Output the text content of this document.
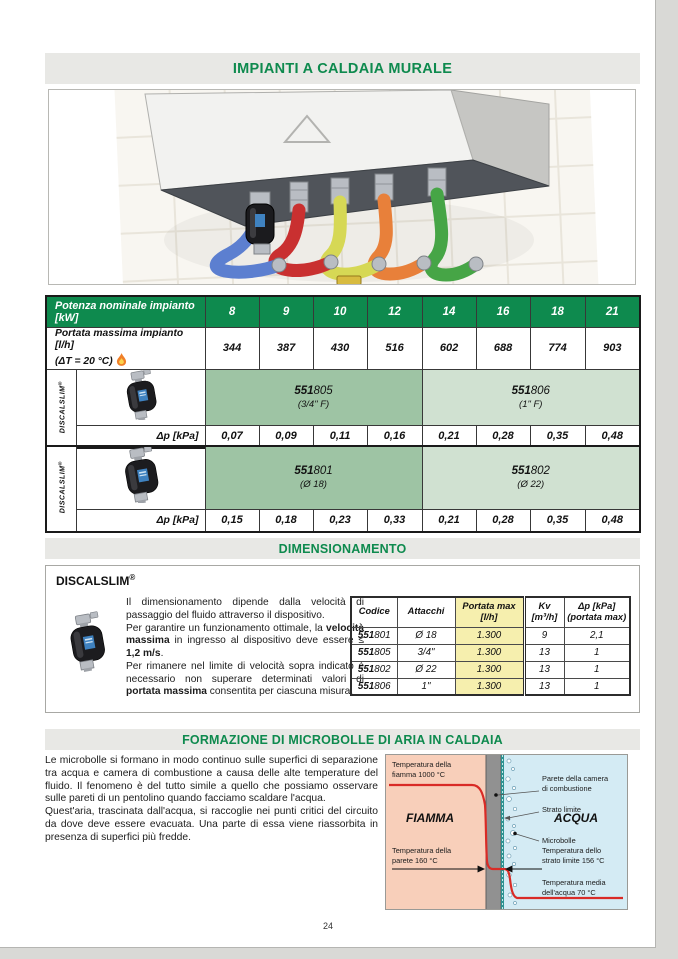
IMPIANTI A CALDAIA MURALE
Potenza nominale impianto [kW]		8	9	10	12	14	16	18	21
Portata massima impianto [l/h]
(ΔT = 20 °C)		344	387	430	516	602	688	774	903
DISCALSLIM®		
551805
(3/4" F)

551806
(1" F)

	Δp [kPa]	0,07	0,09	0,11	0,16	0,21	0,28	0,35	0,48
DISCALSLIM®		
551801
(Ø 18)

551802
(Ø 22)

	Δp [kPa]	0,15	0,18	0,23	0,33	0,21	0,28	0,35	0,48
DIMENSIONAMENTO
DISCALSLIM®

Il dimensionamento dipende dalla velocità di passaggio del fluido attraverso il dispositivo.

Per garantire un funzionamento ottimale, la velocità massima in ingresso al dispositivo deve essere ≤ 1,2 m/s.

Per rimanere nel limite di velocità sopra indicato è necessario non superare determinati valori di portata massima consentita per ciascuna misura.

Codice	Attacchi	Portata max
[l/h]	Kv
[m³/h]	Δp [kPa]
(portata max)
551801	Ø 18	1.300	9	2,1
551805	3/4"	1.300	13	1
551802	Ø 22	1.300	13	1
551806	1"	1.300	13	1
FORMAZIONE DI MICROBOLLE DI ARIA IN CALDAIA

Le microbolle si formano in modo continuo sulle superfici di separazione tra acqua e camera di combustione a causa delle alte temperature del fluido. Il fenomeno è del tutto simile a quello che possiamo osservare sulle pareti di un pentolino quando facciamo scaldare l'acqua.

Quest'aria, trascinata dall'acqua, si raccoglie nei punti critici del circuito da dove deve essere evacuata. Una parte di essa viene riassorbita in presenza di superfici più fredde.

Temperatura della
fiamma 1000 °C
FIAMMA
Temperatura della
parete 160 °C
Parete della camera
di combustione
Strato limite
ACQUA
Microbolle
Temperatura dello
strato limite 156 °C
Temperatura media
dell'acqua 70 °C
24
